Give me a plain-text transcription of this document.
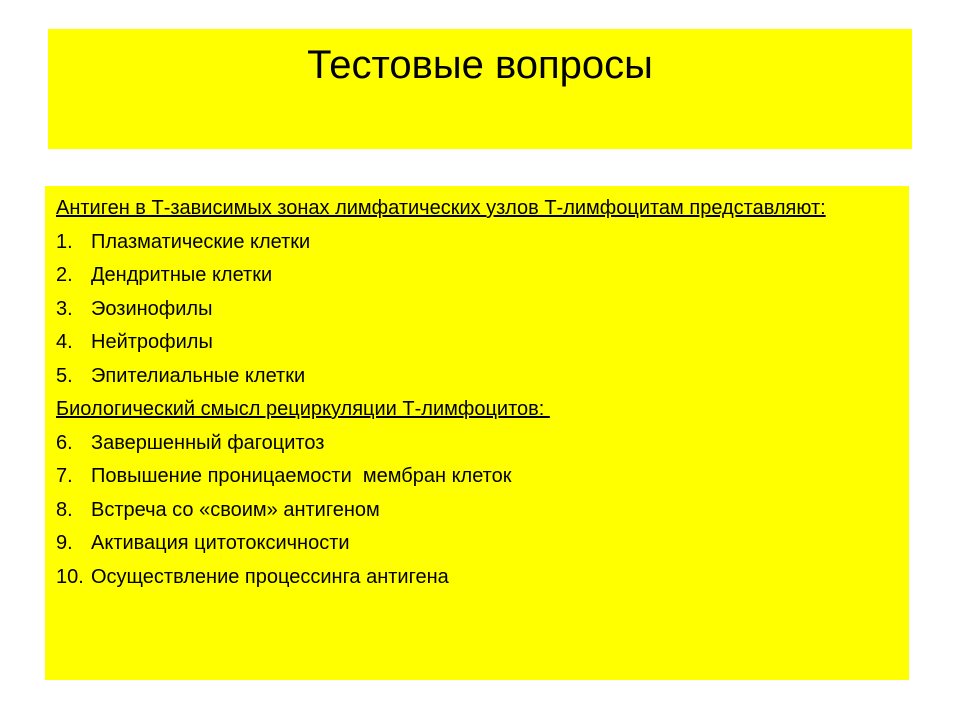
Тестовые вопросы
Антиген в Т-зависимых зонах лимфатических узлов Т-лимфоцитам представляют:
1. Плазматические клетки
2. Дендритные клетки
3. Эозинофилы
4. Нейтрофилы
5. Эпителиальные клетки
Биологический смысл рециркуляции Т-лимфоцитов:
6. Завершенный фагоцитоз
7. Повышение проницаемости  мембран клеток
8. Встреча со «своим» антигеном
9. Активация цитотоксичности
10. Осуществление процессинга антигена
